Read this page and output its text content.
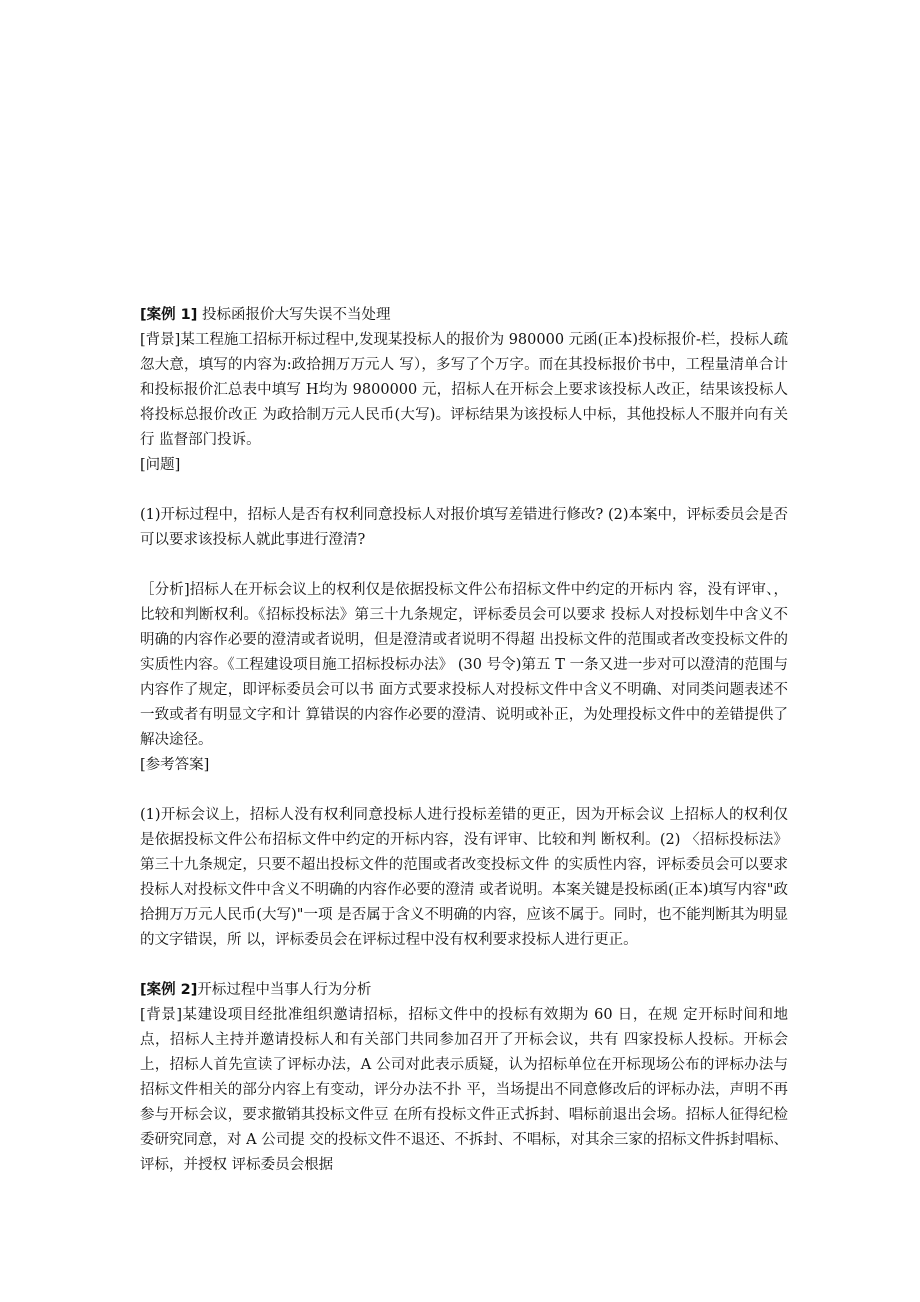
[案例 1] 投标函报价大写失误不当处理

[背景]某工程施工招标开标过程中,发现某投标人的报价为 980000 元函(正本)投标报价-栏，投标人疏忽大意，填写的内容为:政拾拥万万元人 写），多写了个万字。而在其投标报价书中，工程量清单合计和投标报价汇总表中填写 H均为 9800000 元，招标人在开标会上要求该投标人改正，结果该投标人将投标总报价改正 为政拾制万元人民币(大写)。评标结果为该投标人中标，其他投标人不服并向有关行 监督部门投诉。

[问题]

(1)开标过程中，招标人是否有权利同意投标人对报价填写差错进行修改? (2)本案中，评标委员会是否可以要求该投标人就此事进行澄清?

［分析]招标人在开标会议上的权利仅是依据投标文件公布招标文件中约定的开标内 容，没有评审、，比较和判断权利。《招标投标法》第三十九条规定，评标委员会可以要求 投标人对投标划牛中含义不明确的内容作必要的澄清或者说明，但是澄清或者说明不得超 出投标文件的范围或者改变投标文件的实质性内容。《工程建设项目施工招标投标办法》 (30 号令)第五 T 一条又进一步对可以澄清的范围与内容作了规定，即评标委员会可以书 面方式要求投标人对投标文件中含义不明确、对同类问题表述不一致或者有明显文字和计 算错误的内容作必要的澄清、说明或补正，为处理投标文件中的差错提供了解决途径。

[参考答案]

(1)开标会议上，招标人没有权利同意投标人进行投标差错的更正，因为开标会议 上招标人的权利仅是依据投标文件公布招标文件中约定的开标内容，没有评审、比较和判 断权利。(2) 〈招标投标法》第三十九条规定，只要不超出投标文件的范围或者改变投标文件 的实质性内容，评标委员会可以要求投标人对投标文件中含义不明确的内容作必要的澄清 或者说明。本案关键是投标函(正本)填写内容"政拾拥万万元人民币(大写)"一项 是否属于含义不明确的内容，应该不属于。同时，也不能判断其为明显的文字错误，所 以，评标委员会在评标过程中没有权利要求投标人进行更正。

[案例 2]开标过程中当事人行为分析

[背景]某建设项目经批准组织邀请招标，招标文件中的投标有效期为 60 日，在规 定开标时间和地点，招标人主持并邀请投标人和有关部门共同参加召开了开标会议，共有 四家投标人投标。开标会上，招标人首先宣读了评标办法，A 公司对此表示质疑，认为招标单位在开标现场公布的评标办法与招标文件相关的部分内容上有变动，评分办法不扑 平，当场提出不同意修改后的评标办法，声明不再参与开标会议，要求撤销其投标文件豆 在所有投标文件正式拆封、唱标前退出会场。招标人征得纪检委研究同意，对 A 公司提 交的投标文件不退还、不拆封、不唱标，对其余三家的招标文件拆封唱标、评标，并授权 评标委员会根据
